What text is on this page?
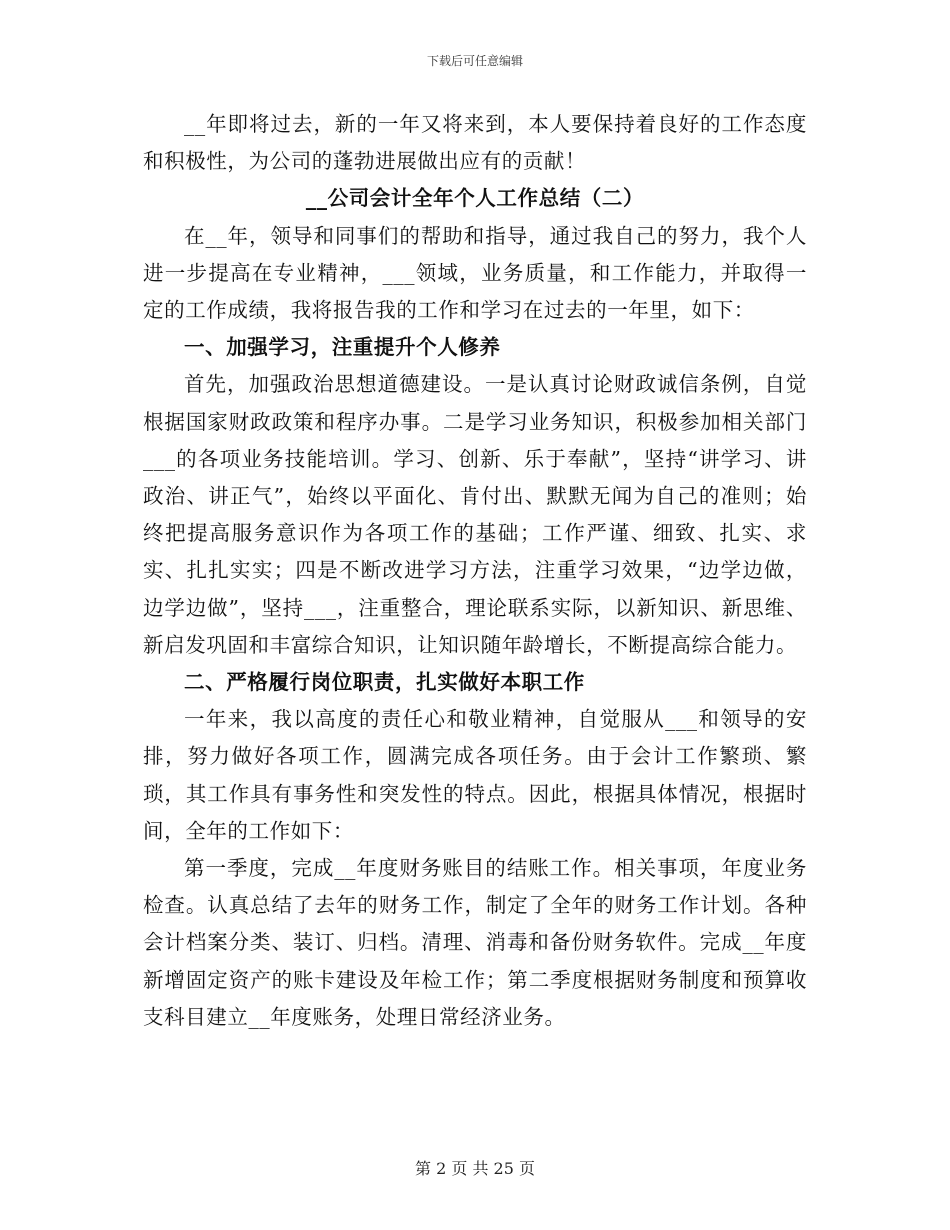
下载后可任意编辑

__年即将过去，新的一年又将来到，本人要保持着良好的工作态度和积极性，为公司的蓬勃进展做出应有的贡献！

__公司会计全年个人工作总结（二）

在__年，领导和同事们的帮助和指导，通过我自己的努力，我个人进一步提高在专业精神，___领域，业务质量，和工作能力，并取得一定的工作成绩，我将报告我的工作和学习在过去的一年里，如下：

一、加强学习，注重提升个人修养

首先，加强政治思想道德建设。一是认真讨论财政诚信条例，自觉根据国家财政政策和程序办事。二是学习业务知识，积极参加相关部门___的各项业务技能培训。学习、创新、乐于奉献”，坚持“讲学习、讲政治、讲正气”，始终以平面化、肯付出、默默无闻为自己的准则；始终把提高服务意识作为各项工作的基础；工作严谨、细致、扎实、求实、扎扎实实；四是不断改进学习方法，注重学习效果，“边学边做，边学边做”，坚持___，注重整合，理论联系实际，以新知识、新思维、新启发巩固和丰富综合知识，让知识随年龄增长，不断提高综合能力。

二、严格履行岗位职责，扎实做好本职工作

一年来，我以高度的责任心和敬业精神，自觉服从___和领导的安排，努力做好各项工作，圆满完成各项任务。由于会计工作繁琐、繁琐，其工作具有事务性和突发性的特点。因此，根据具体情况，根据时间，全年的工作如下：

第一季度，完成__年度财务账目的结账工作。相关事项，年度业务检查。认真总结了去年的财务工作，制定了全年的财务工作计划。各种会计档案分类、装订、归档。清理、消毒和备份财务软件。完成__年度新增固定资产的账卡建设及年检工作；第二季度根据财务制度和预算收支科目建立__年度账务，处理日常经济业务。

第 2 页 共 25 页
